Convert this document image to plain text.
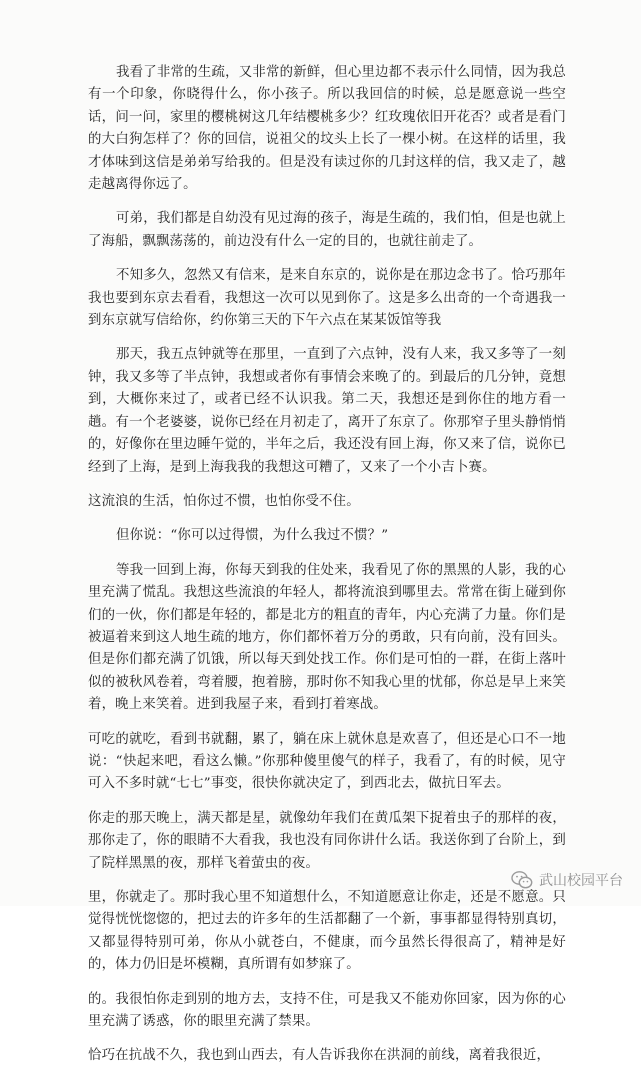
我看了非常的生疏，又非常的新鲜，但心里边都不表示什么同情，因为我总有一个印象，你晓得什么，你小孩子。所以我回信的时候，总是愿意说一些空话，问一问，家里的樱桃树这几年结樱桃多少？红玫瑰依旧开花否？或者是看门的大白狗怎样了？你的回信，说祖父的坟头上长了一棵小树。在这样的话里，我才体味到这信是弟弟写给我的。但是没有读过你的几封这样的信，我又走了，越走越离得你远了。

可弟，我们都是自幼没有见过海的孩子，海是生疏的，我们怕，但是也就上了海船，飘飘荡荡的，前边没有什么一定的目的，也就往前走了。

不知多久，忽然又有信来，是来自东京的，说你是在那边念书了。恰巧那年我也要到东京去看看，我想这一次可以见到你了。这是多么出奇的一个奇遇我一到东京就写信给你，约你第三天的下午六点在某某饭馆等我

那天，我五点钟就等在那里，一直到了六点钟，没有人来，我又多等了一刻钟，我又多等了半点钟，我想或者你有事情会来晚了的。到最后的几分钟，竟想到，大概你来过了，或者已经不认识我。第二天，我想还是到你住的地方看一趟。有一个老婆婆，说你已经在月初走了，离开了东京了。你那窄子里头静悄悄的，好像你在里边睡午觉的，半年之后，我还没有回上海，你又来了信，说你已经到了上海，是到上海我我的我想这可糟了，又来了一个小吉卜赛。

这流浪的生活，怕你过不惯，也怕你受不住。

但你说：“你可以过得惯，为什么我过不惯？”

等我一回到上海，你每天到我的住处来，我看见了你的黑黑的人影，我的心里充满了慌乱。我想这些流浪的年轻人，都将流浪到哪里去。常常在街上碰到你们的一伙，你们都是年轻的，都是北方的粗直的青年，内心充满了力量。你们是被逼着来到这人地生疏的地方，你们都怀着万分的勇敢，只有向前，没有回头。但是你们都充满了饥饿，所以每天到处找工作。你们是可怕的一群，在街上落叶似的被秋风卷着，弯着腰，抱着膀，那时你不知我心里的忧郁，你总是早上来笑着，晚上来笑着。进到我屋子来，看到打着寒战。

可吃的就吃，看到书就翻，累了，躺在床上就休息是欢喜了，但还是心口不一地说：“快起来吧，看这么懒。”你那种傻里傻气的样子，我看了，有的时候，见守可入不多时就“七七”事变，很快你就决定了，到西北去，做抗日军去。

你走的那天晚上，满天都是星，就像幼年我们在黄瓜架下捉着虫子的那样的夜，那你走了，你的眼睛不大看我，我也没有同你讲什么话。我送你到了台阶上，到了院样黑黑的夜，那样飞着萤虫的夜。

里，你就走了。那时我心里不知道想什么，不知道愿意让你走，还是不愿意。只觉得恍恍惚惚的，把过去的许多年的生活都翻了一个新，事事都显得特别真切，又都显得特别可弟，你从小就苍白，不健康，而今虽然长得很高了，精神是好的，体力仍旧是坏模糊，真所谓有如梦寐了。

的。我很怕你走到别的地方去，支持不住，可是我又不能劝你回家，因为你的心里充满了诱惑，你的眼里充满了禁果。

恰巧在抗战不久，我也到山西去，有人告诉我你在洪洞的前线，离着我很近，

武山校园平台
